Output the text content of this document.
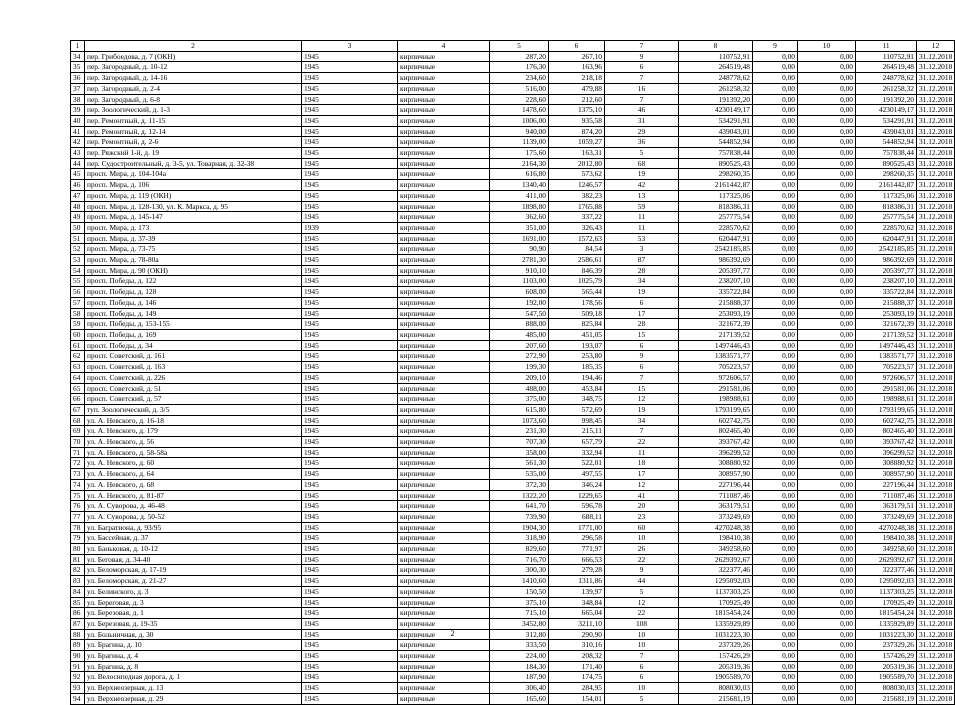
1	2	3	4	5	6	7	8	9	10	11	12
34	пер. Грибоедова, д. 7 (ОКН)	1945	кирпичные	287,20	267,10	9	110752,91	0,00	0,00	110752,91	31.12.2018
35	пер. Загородный, д. 10-12	1945	кирпичные	176,30	163,96	6	264519,48	0,00	0,00	264519,48	31.12.2018
36	пер. Загородный, д. 14-16	1945	кирпичные	234,60	218,18	7	248778,62	0,00	0,00	248778,62	31.12.2018
37	пер. Загородный, д. 2-4	1945	кирпичные	516,00	479,88	16	261258,32	0,00	0,00	261258,32	31.12.2018
38	пер. Загородный, д. 6-8	1945	кирпичные	228,60	212,60	7	191392,20	0,00	0,00	191392,20	31.12.2018
39	пер. Зоологический, д. 1-3	1945	кирпичные	1478,60	1375,10	46	4230149,17	0,00	0,00	4230149,17	31.12.2018
40	пер. Ремонтный, д. 11-15	1945	кирпичные	1006,00	935,58	31	534291,91	0,00	0,00	534291,91	31.12.2018
41	пер. Ремонтный, д. 12-14	1945	кирпичные	940,00	874,20	29	439043,01	0,00	0,00	439043,01	31.12.2018
42	пер. Ремонтный, д. 2-6	1945	кирпичные	1139,00	1059,27	36	544852,94	0,00	0,00	544852,94	31.12.2018
43	пер. Ряжский 1-й, д. 19	1945	кирпичные	175,60	163,31	5	757838,44	0,00	0,00	757838,44	31.12.2018
44	пер. Судостроительный, д. 3-5, ул. Товарная, д. 32-38	1945	кирпичные	2164,30	2012,80	68	890525,43	0,00	0,00	890525,43	31.12.2018
45	просп. Мира, д. 104-104а	1945	кирпичные	616,80	573,62	19	298260,35	0,00	0,00	298260,35	31.12.2018
46	просп. Мира, д. 106	1945	кирпичные	1340,40	1246,57	42	2161442,87	0,00	0,00	2161442,87	31.12.2018
47	просп. Мира, д. 119 (ОКН)	1945	кирпичные	411,00	382,23	13	117325,06	0,00	0,00	117325,06	31.12.2018
48	просп. Мира, д. 128-130, ул. К. Маркса, д. 95	1945	кирпичные	1898,80	1765,88	59	818386,31	0,00	0,00	818386,31	31.12.2018
49	просп. Мира, д. 145-147	1945	кирпичные	362,60	337,22	11	257775,54	0,00	0,00	257775,54	31.12.2018
50	просп. Мира, д. 173	1939	кирпичные	351,00	326,43	11	228570,62	0,00	0,00	228570,62	31.12.2018
51	просп. Мира, д. 37-39	1945	кирпичные	1691,00	1572,63	53	620447,91	0,00	0,00	620447,91	31.12.2018
52	просп. Мира, д. 73-75	1945	кирпичные	90,90	84,54	3	2542185,85	0,00	0,00	2542185,85	31.12.2018
53	просп. Мира, д. 78-80а	1945	кирпичные	2781,30	2586,61	87	986392,69	0,00	0,00	986392,69	31.12.2018
54	просп. Мира, д. 90 (ОКН)	1945	кирпичные	910,10	846,39	28	205397,77	0,00	0,00	205397,77	31.12.2018
55	просп. Победы, д. 122	1945	кирпичные	1103,00	1025,79	34	238207,10	0,00	0,00	238207,10	31.12.2018
56	просп. Победы, д. 128	1945	кирпичные	608,00	565,44	19	335722,84	0,00	0,00	335722,84	31.12.2018
57	просп. Победы, д. 146	1945	кирпичные	192,00	178,56	6	215888,37	0,00	0,00	215888,37	31.12.2018
58	просп. Победы, д. 149	1945	кирпичные	547,50	509,18	17	253093,19	0,00	0,00	253093,19	31.12.2018
59	просп. Победы, д. 153-155	1945	кирпичные	888,00	825,84	28	321672,39	0,00	0,00	321672,39	31.12.2018
60	просп. Победы, д. 169	1945	кирпичные	485,00	451,05	15	217139,52	0,00	0,00	217139,52	31.12.2018
61	просп. Победы, д. 34	1945	кирпичные	207,60	193,07	6	1497446,43	0,00	0,00	1497446,43	31.12.2018
62	просп. Советский, д. 161	1945	кирпичные	272,90	253,80	9	1383571,77	0,00	0,00	1383571,77	31.12.2018
63	просп. Советский, д. 163	1945	кирпичные	199,30	185,35	6	705223,57	0,00	0,00	705223,57	31.12.2018
64	просп. Советский, д. 226	1945	кирпичные	209,10	194,46	7	972606,57	0,00	0,00	972606,57	31.12.2018
65	просп. Советский, д. 51	1945	кирпичные	488,00	453,84	15	291581,06	0,00	0,00	291581,06	31.12.2018
66	просп. Советский, д. 57	1945	кирпичные	375,00	348,75	12	198988,61	0,00	0,00	198988,61	31.12.2018
67	туп. Зоологический, д. 3/5	1945	кирпичные	615,80	572,69	19	1793199,65	0,00	0,00	1793199,65	31.12.2018
68	ул. А. Невского, д. 16-18	1945	кирпичные	1073,60	998,45	34	602742,75	0,00	0,00	602742,75	31.12.2018
69	ул. А. Невского, д. 179	1945	кирпичные	231,30	215,11	7	802465,40	0,00	0,00	802465,40	31.12.2018
70	ул. А. Невского, д. 56	1945	кирпичные	707,30	657,79	22	393767,42	0,00	0,00	393767,42	31.12.2018
71	ул. А. Невского, д. 58-58а	1945	кирпичные	358,00	332,94	11	396299,52	0,00	0,00	396299,52	31.12.2018
72	ул. А. Невского, д. 60	1945	кирпичные	561,30	522,01	18	308880,92	0,00	0,00	308880,92	31.12.2018
73	ул. А. Невского, д. 64	1945	кирпичные	535,00	497,55	17	308957,90	0,00	0,00	308957,90	31.12.2018
74	ул. А. Невского, д. 68	1945	кирпичные	372,30	346,24	12	227196,44	0,00	0,00	227196,44	31.12.2018
75	ул. А. Невского, д. 81-87	1945	кирпичные	1322,20	1229,65	41	711087,46	0,00	0,00	711087,46	31.12.2018
76	ул. А. Суворова, д. 46-48	1945	кирпичные	641,70	596,78	20	363179,51	0,00	0,00	363179,51	31.12.2018
77	ул. А. Суворова, д. 50-52	1945	кирпичные	739,90	688,11	23	373249,69	0,00	0,00	373249,69	31.12.2018
78	ул. Багратиона, д. 93/95	1945	кирпичные	1904,30	1771,00	60	4270248,38	0,00	0,00	4270248,38	31.12.2018
79	ул. Бассейная, д. 37	1945	кирпичные	318,90	296,58	10	198410,38	0,00	0,00	198410,38	31.12.2018
80	ул. Баньковая, д. 10-12	1945	кирпичные	829,60	771,97	26	349258,60	0,00	0,00	349258,60	31.12.2018
81	ул. Беговая, д. 34-40	1945	кирпичные	716,70	666,53	22	2629392,67	0,00	0,00	2629392,67	31.12.2018
82	ул. Беломорская, д. 17-19	1945	кирпичные	300,30	279,28	9	322377,46	0,00	0,00	322377,46	31.12.2018
83	ул. Беломорская, д. 21-27	1945	кирпичные	1410,60	1311,86	44	1295092,03	0,00	0,00	1295092,03	31.12.2018
84	ул. Белинского, д. 3	1945	кирпичные	150,50	139,97	5	1137303,25	0,00	0,00	1137303,25	31.12.2018
85	ул. Береговая, д. 3	1945	кирпичные	375,10	348,84	12	170925,49	0,00	0,00	170925,49	31.12.2018
86	ул. Березовая, д. 1	1945	кирпичные	715,10	665,04	22	1815454,24	0,00	0,00	1815454,24	31.12.2018
87	ул. Березовая, д. 19-35	1945	кирпичные	3452,80	3211,10	108	1335929,89	0,00	0,00	1335929,89	31.12.2018
88	ул. Больничная, д. 30	1945	кирпичные	312,80	290,90	10	1031223,30	0,00	0,00	1031223,30	31.12.2018
89	ул. Брагина, д. 10	1945	кирпичные	333,50	310,16	10	237329,26	0,00	0,00	237329,26	31.12.2018
90	ул. Брагина, д. 4	1945	кирпичные	224,00	208,32	7	157426,29	0,00	0,00	157426,29	31.12.2018
91	ул. Брагина, д. 8	1945	кирпичные	184,30	171,40	6	205319,36	0,00	0,00	205319,36	31.12.2018
92	ул. Велосипедная дорога, д. 1	1945	кирпичные	187,90	174,75	6	1905589,70	0,00	0,00	1905589,70	31.12.2018
93	ул. Верхнеозерная, д. 13	1945	кирпичные	306,40	284,95	10	808030,03	0,00	0,00	808030,03	31.12.2018
94	ул. Верхнеозерная, д. 29	1945	кирпичные	165,60	154,01	5	215681,19	0,00	0,00	215681,19	31.12.2018
2
